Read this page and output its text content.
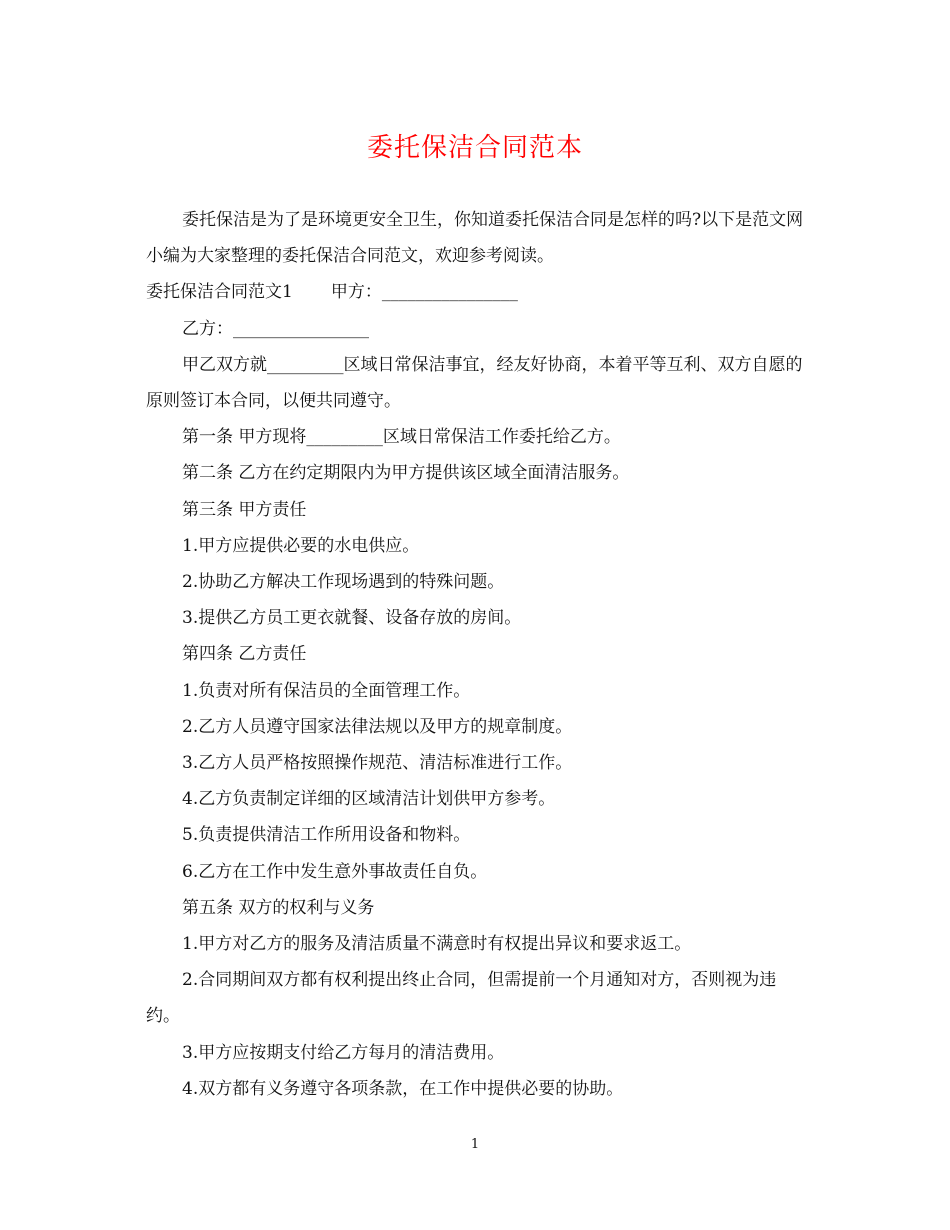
委托保洁合同范本

委托保洁是为了是环境更安全卫生，你知道委托保洁合同是怎样的吗?以下是范文网小编为大家整理的委托保洁合同范文，欢迎参考阅读。

委托保洁合同范文1 甲方：________________

乙方：________________

甲乙双方就_________区域日常保洁事宜，经友好协商，本着平等互利、双方自愿的原则签订本合同，以便共同遵守。

第一条 甲方现将_________区域日常保洁工作委托给乙方。

第二条 乙方在约定期限内为甲方提供该区域全面清洁服务。

第三条 甲方责任

1.甲方应提供必要的水电供应。

2.协助乙方解决工作现场遇到的特殊问题。

3.提供乙方员工更衣就餐、设备存放的房间。

第四条 乙方责任

1.负责对所有保洁员的全面管理工作。

2.乙方人员遵守国家法律法规以及甲方的规章制度。

3.乙方人员严格按照操作规范、清洁标准进行工作。

4.乙方负责制定详细的区域清洁计划供甲方参考。

5.负责提供清洁工作所用设备和物料。

6.乙方在工作中发生意外事故责任自负。

第五条 双方的权利与义务

1.甲方对乙方的服务及清洁质量不满意时有权提出异议和要求返工。

2.合同期间双方都有权利提出终止合同，但需提前一个月通知对方，否则视为违约。

3.甲方应按期支付给乙方每月的清洁费用。

4.双方都有义务遵守各项条款，在工作中提供必要的协助。

1
